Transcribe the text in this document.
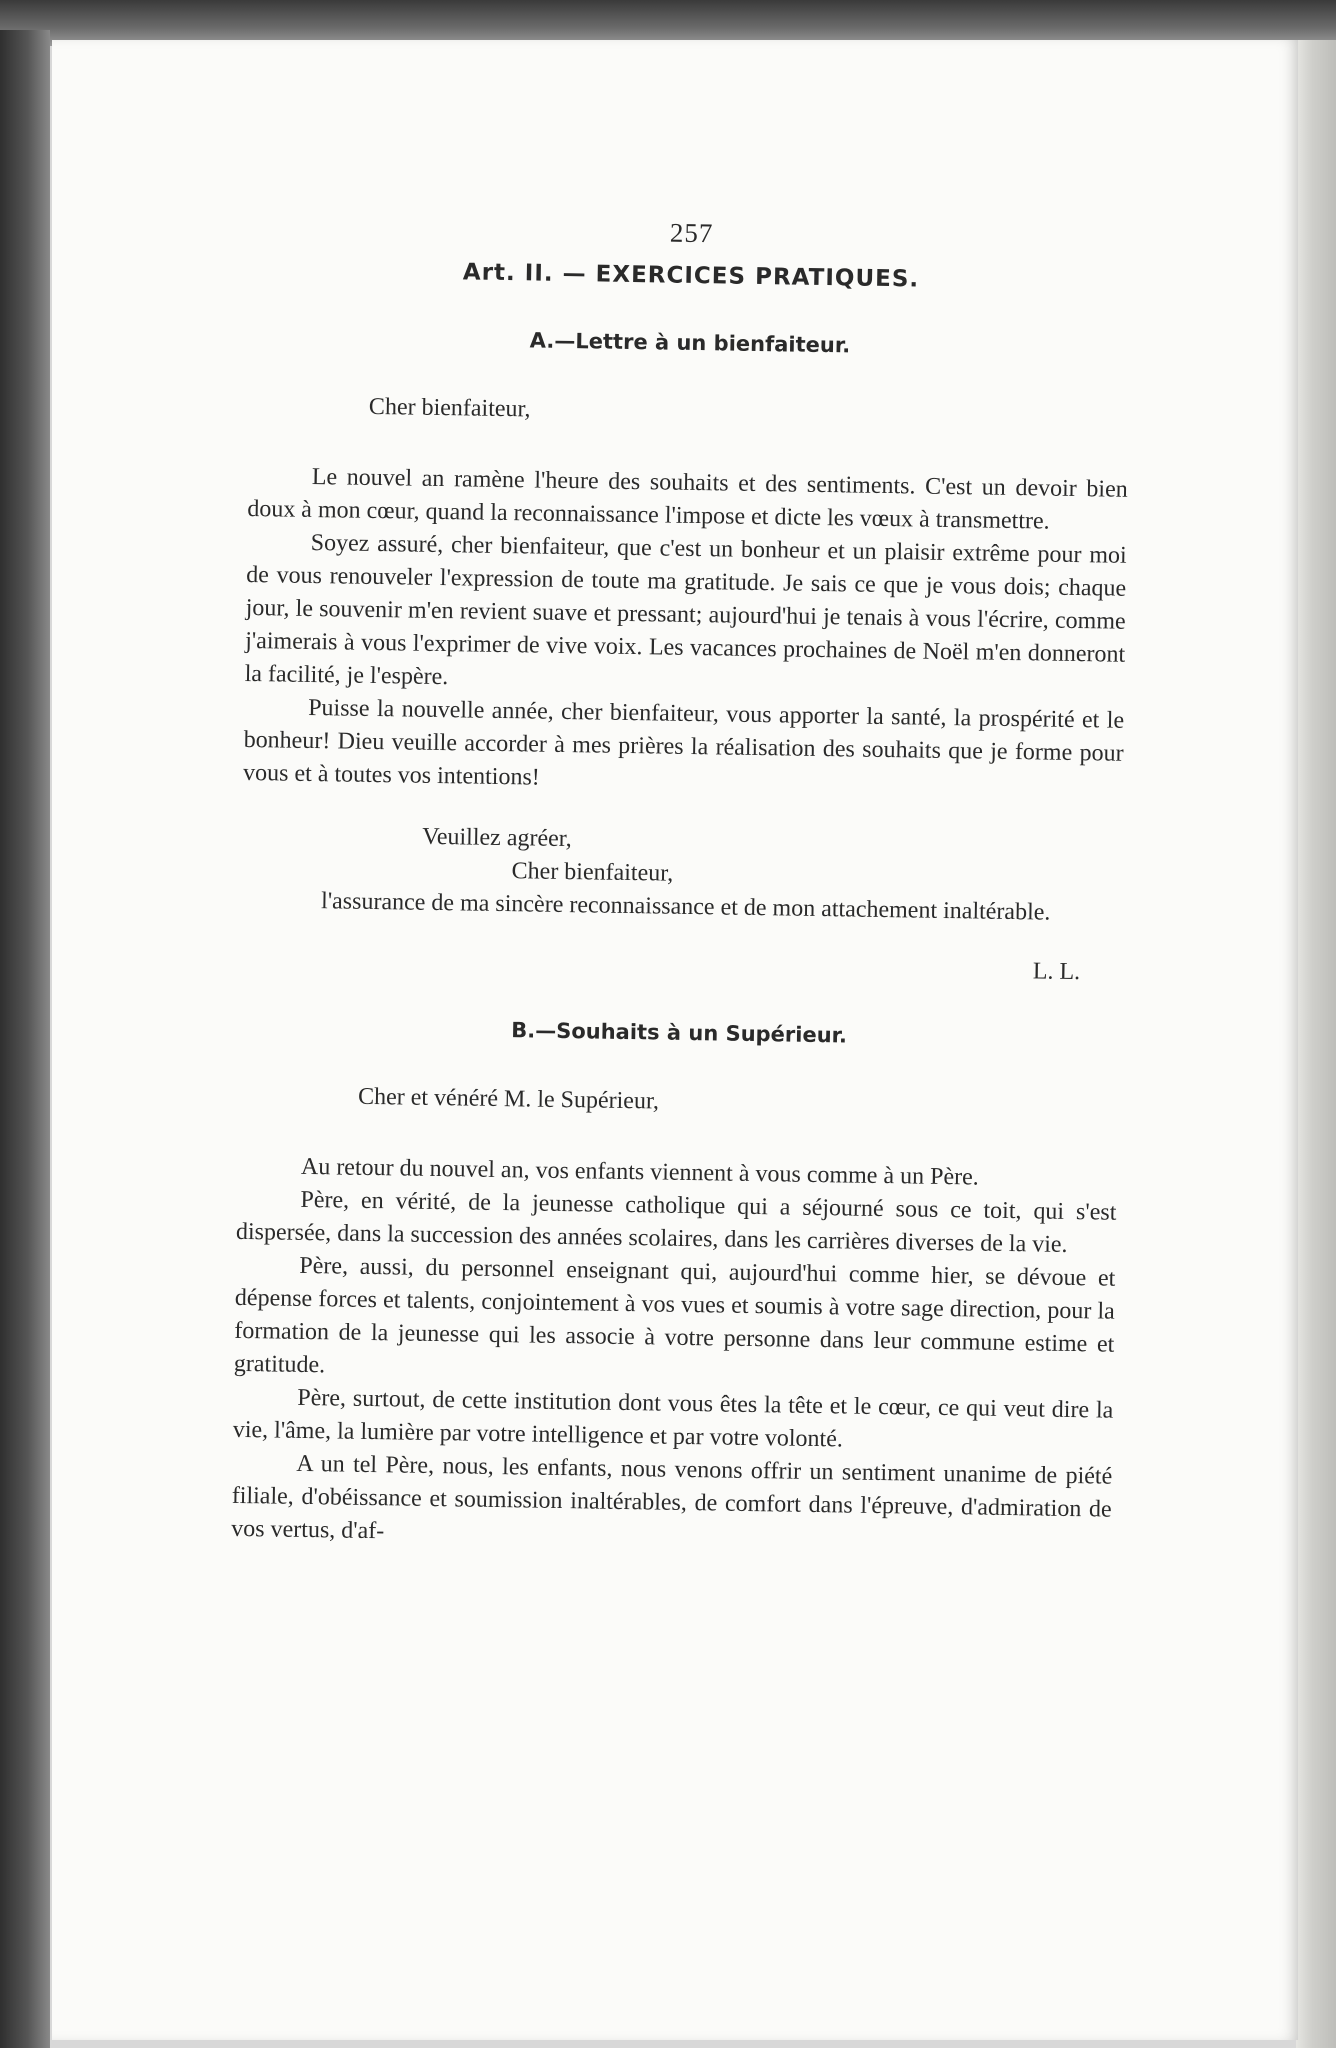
257
Art. II. — EXERCICES PRATIQUES.
A.—Lettre à un bienfaiteur.
Cher bienfaiteur,

Le nouvel an ramène l'heure des souhaits et des sentiments. C'est un devoir bien doux à mon cœur, quand la reconnaissance l'impose et dicte les vœux à transmettre.

Soyez assuré, cher bienfaiteur, que c'est un bonheur et un plaisir extrême pour moi de vous renouveler l'expression de toute ma gratitude. Je sais ce que je vous dois; chaque jour, le souvenir m'en revient suave et pressant; aujourd'hui je tenais à vous l'écrire, comme j'aimerais à vous l'exprimer de vive voix. Les vacances prochaines de Noël m'en donneront la facilité, je l'espère.

Puisse la nouvelle année, cher bienfaiteur, vous apporter la santé, la prospérité et le bonheur! Dieu veuille accorder à mes prières la réalisation des souhaits que je forme pour vous et à toutes vos intentions!

Veuillez agréer,
Cher bienfaiteur,

l'assurance de ma sincère reconnaissance et de mon attachement inaltérable.

L. L.
B.—Souhaits à un Supérieur.
Cher et vénéré M. le Supérieur,

Au retour du nouvel an, vos enfants viennent à vous comme à un Père.

Père, en vérité, de la jeunesse catholique qui a séjourné sous ce toit, qui s'est dispersée, dans la succession des années scolaires, dans les carrières diverses de la vie.

Père, aussi, du personnel enseignant qui, aujourd'hui comme hier, se dévoue et dépense forces et talents, conjointement à vos vues et soumis à votre sage direction, pour la formation de la jeunesse qui les associe à votre personne dans leur commune estime et gratitude.

Père, surtout, de cette institution dont vous êtes la tête et le cœur, ce qui veut dire la vie, l'âme, la lumière par votre intelligence et par votre volonté.

A un tel Père, nous, les enfants, nous venons offrir un sentiment unanime de piété filiale, d'obéissance et soumission inaltérables, de comfort dans l'épreuve, d'admiration de vos vertus, d'af-
